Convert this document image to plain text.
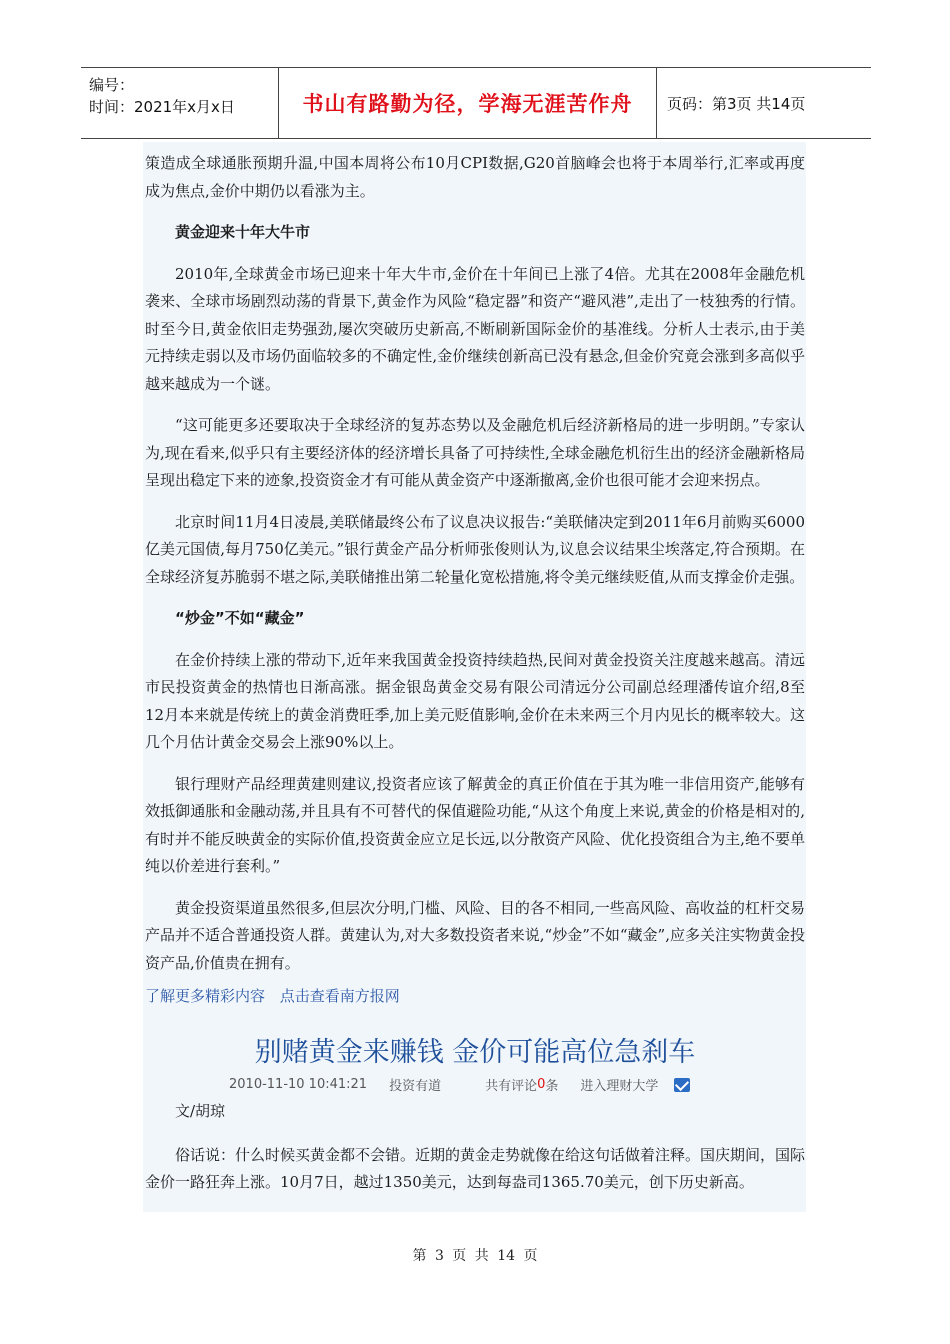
编号：
时间：2021年x月x日	书山有路勤为径，学海无涯苦作舟 页码：第3页 共14页

策造成全球通胀预期升温,中国本周将公布10月CPI数据,G20首脑峰会也将于本周举行,汇率或再度成为焦点,金价中期仍以看涨为主。

黄金迎来十年大牛市

2010年,全球黄金市场已迎来十年大牛市,金价在十年间已上涨了4倍。尤其在2008年金融危机袭来、全球市场剧烈动荡的背景下,黄金作为风险“稳定器”和资产“避风港”,走出了一枝独秀的行情。时至今日,黄金依旧走势强劲,屡次突破历史新高,不断刷新国际金价的基准线。分析人士表示,由于美元持续走弱以及市场仍面临较多的不确定性,金价继续创新高已没有悬念,但金价究竟会涨到多高似乎越来越成为一个谜。

“这可能更多还要取决于全球经济的复苏态势以及金融危机后经济新格局的进一步明朗。”专家认为,现在看来,似乎只有主要经济体的经济增长具备了可持续性,全球金融危机衍生出的经济金融新格局呈现出稳定下来的迹象,投资资金才有可能从黄金资产中逐渐撤离,金价也很可能才会迎来拐点。

北京时间11月4日凌晨,美联储最终公布了议息决议报告:“美联储决定到2011年6月前购买6000亿美元国债,每月750亿美元。”银行黄金产品分析师张俊则认为,议息会议结果尘埃落定,符合预期。在全球经济复苏脆弱不堪之际,美联储推出第二轮量化宽松措施,将令美元继续贬值,从而支撑金价走强。

“炒金”不如“藏金”

在金价持续上涨的带动下,近年来我国黄金投资持续趋热,民间对黄金投资关注度越来越高。清远市民投资黄金的热情也日渐高涨。据金银岛黄金交易有限公司清远分公司副总经理潘传谊介绍,8至12月本来就是传统上的黄金消费旺季,加上美元贬值影响,金价在未来两三个月内见长的概率较大。这几个月估计黄金交易会上涨90%以上。

银行理财产品经理黄建则建议,投资者应该了解黄金的真正价值在于其为唯一非信用资产,能够有效抵御通胀和金融动荡,并且具有不可替代的保值避险功能,“从这个角度上来说,黄金的价格是相对的,有时并不能反映黄金的实际价值,投资黄金应立足长远,以分散资产风险、优化投资组合为主,绝不要单纯以价差进行套利。”

黄金投资渠道虽然很多,但层次分明,门槛、风险、目的各不相同,一些高风险、高收益的杠杆交易产品并不适合普通投资人群。黄建认为,对大多数投资者来说,“炒金”不如“藏金”,应多关注实物黄金投资产品,价值贵在拥有。

了解更多精彩内容 点击查看南方报网
别赌黄金来赚钱 金价可能高位急刹车
2010-11-10 10:41:21 投资有道	共有评论 0 条 进入理财大学

文/胡琼

俗话说：什么时候买黄金都不会错。近期的黄金走势就像在给这句话做着注释。国庆期间，国际金价一路狂奔上涨。10月7日，越过1350美元，达到每盎司1365.70美元，创下历史新高。

第 3 页 共 14 页
